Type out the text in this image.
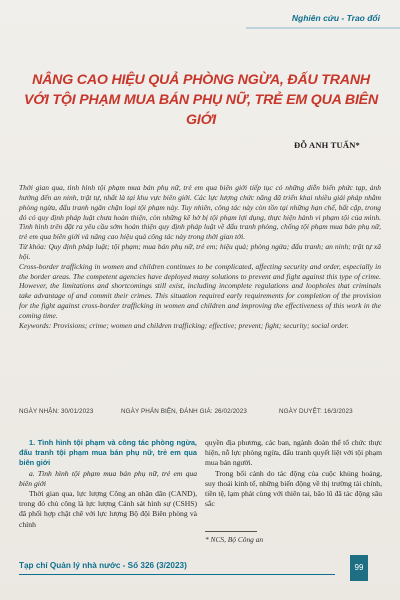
Nghiên cứu - Trao đổi
NÂNG CAO HIỆU QUẢ PHÒNG NGỪA, ĐẤU TRANH
VỚI TỘI PHẠM MUA BÁN PHỤ NỮ, TRẺ EM QUA BIÊN GIỚI
ĐỖ ANH TUẤN*

Thời gian qua, tình hình tội phạm mua bán phụ nữ, trẻ em qua biên giới tiếp tục có những diễn biến phức tạp, ảnh hưởng đến an ninh, trật tự, nhất là tại khu vực biên giới. Các lực lượng chức năng đã triển khai nhiều giải pháp nhằm phòng ngừa, đấu tranh ngăn chặn loại tội phạm này. Tuy nhiên, công tác này còn tồn tại những hạn chế, bất cập, trong đó có quy định pháp luật chưa hoàn thiện, còn những kẽ hở bị tội phạm lợi dụng, thực hiện hành vi phạm tội của mình. Tình hình trên đặt ra yêu cầu sớm hoàn thiện quy định pháp luật về đấu tranh phòng, chống tội phạm mua bán phụ nữ, trẻ em qua biên giới và nâng cao hiệu quả công tác này trong thời gian tới.

Từ khóa: Quy định pháp luật; tội phạm; mua bán phụ nữ, trẻ em; hiệu quả; phòng ngừa; đấu tranh; an ninh; trật tự xã hội.

Cross-border trafficking in women and children continues to be complicated, affecting security and order, especially in the border areas. The competent agencies have deployed many solutions to prevent and fight against this type of crime. However, the limitations and shortcomings still exist, including incomplete regulations and loopholes that criminals take advantage of and commit their crimes. This situation required early requirements for completion of the provision for the fight against cross-border trafficking in women and children and improving the effectiveness of this work in the coming time.

Keywords: Provisions; crime; women and children trafficking; effective; prevent; fight; security; social order.

NGÀY NHẬN: 30/01/2023	NGÀY PHẢN BIỆN, ĐÁNH GIÁ: 26/02/2023	NGÀY DUYỆT: 16/3/2023

1. Tình hình tội phạm và công tác phòng ngừa, đấu tranh tội phạm mua bán phụ nữ, trẻ em qua biên giới

a. Tình hình tội phạm mua bán phụ nữ, trẻ em qua biên giới

Thời gian qua, lực lượng Công an nhân dân (CAND), trong đó chủ công là lực lượng Cảnh sát hình sự (CSHS) đã phối hợp chặt chẽ với lực lượng Bộ đội Biên phòng và chính

quyền địa phương, các ban, ngành đoàn thể tổ chức thực hiện, nỗ lực phòng ngừa, đấu tranh quyết liệt với tội phạm mua bán người.

Trong bối cảnh do tác động của cuộc khủng hoảng, suy thoái kinh tế, những biến động về thị trường tài chính, tiền tệ, lạm phát cùng với thiên tai, bão lũ đã tác động sâu sắc

* NCS, Bộ Công an
Tạp chí Quản lý nhà nước - Số 326 (3/2023)	99
